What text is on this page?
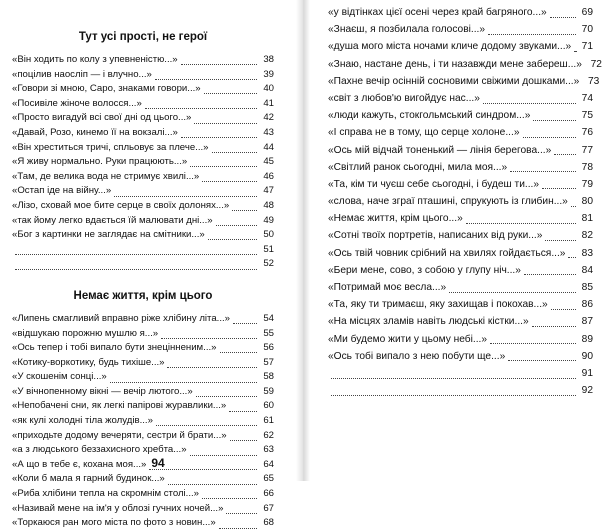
Тут усі прості, не герої
«Він ходить по колу з упевненістю...»	38
«поцілив наосліп — і влучно...»	39
«Говори зі мною, Саро, знаками говори...»	40
«Посивіле жіноче волосся...»	41
«Просто вигадуй всі свої дні од цього...»	42
«Давай, Розо, кинемо її на вокзалі...»	43
«Він хреститься тричі, спльовує за плече...»	44
«Я живу нормально. Руки працюють...»	45
«Там, де велика вода не стримує хвилі...»	46
«Остап іде на війну...»	47
«Лізо, сховай мое бите серце в своїх долонях...»	48
«так йому легко вдається їй малювати дні...»	49
«Бог з картинки не заглядає на смітники...»	50
51
52
Немає життя, крім цього
«Липень смагливий вправно ріже хлібину літа...»	54
«відшукаю порожню мушлю я...»	55
«Ось тепер і тобі випало бути знецінненим...»	56
«Котику-воркотику, будь тихіше...»	57
«У скошенім сонці...»	58
«У вічнопенному вікні — вечір лютого...»	59
«Непобачені сни, як легкі папірові журавлики...»	60
«як кулі холодні тіла жолудів...»	61
«приходьте додому вечеряти, сестри й брати...»	62
«а з людського беззахисного хребта...»	63
«А що в тебе є, кохана моя...»	64
«Коли б мала я гарний будинок...»	65
«Риба хлібини тепла на скромнім столі...»	66
«Називай мене на ім'я у облозі гучних ночей...»	67
«Торкаюся ран мого міста по фото з новин...»	68
«у відтінках цієї осені через край багряного...»	69
«Знаєш, я позбилала голосові...»	70
«душа мого міста ночами кличе додому звуками...» 71
«Знаю, настане день, і ти назавжди мене забереш...» 72
«Пахне вечір осінній сосновими свіжими дошками...» 73
«світ з любов'ю вигойдує нас...»	74
«люди кажуть, стокгольмський синдром...»	75
«І справа не в тому, що серце холоне...»	76
«Ось мій відчай тоненький — лінія берегова...»	77
«Світлий ранок сьогодні, мила моя...»	78
«Та, кім ти чуєш себе сьогодні, і будеш ти...»	79
«слова, наче зграї пташині, спрукують із глибин...» 80
«Немає життя, крім цього...»	81
«Сотні твоїх портретів, написаних від руки...»	82
«Ось твій човник срібний на хвилях гойдається...» 83
«Бери мене, сово, з собою у глупу ніч...»	84
«Потримай моє весла...»	85
«Та, яку ти тримаєш, яку захищав і покохав...»	86
«На місцях зламів навіть людські кістки...»	87
«Ми будемо жити у цьому небі...»	89
«Ось тобі випало з нею побути ще...»	90
91
92
94
